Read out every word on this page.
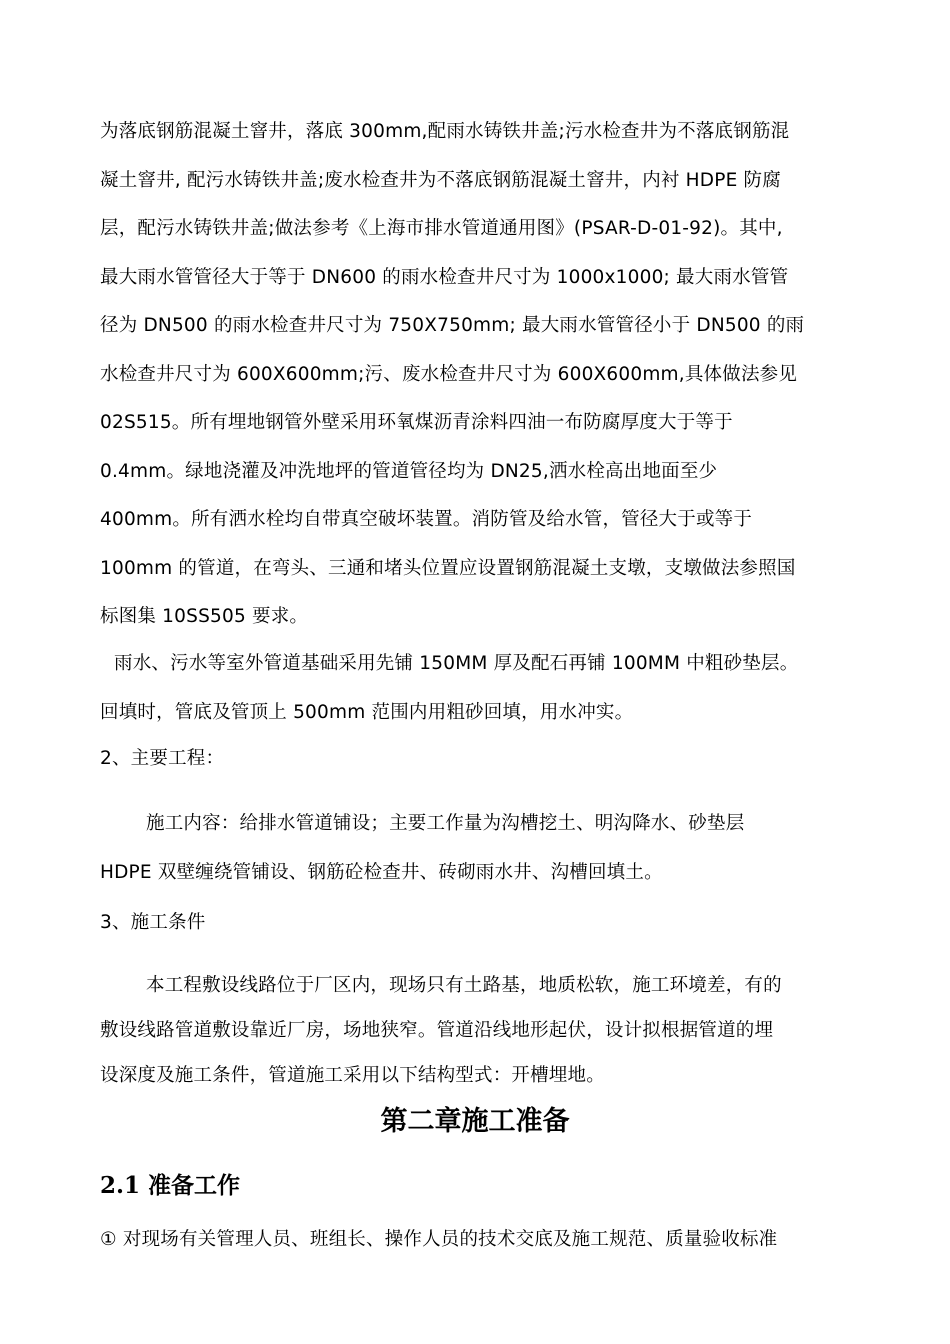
为落底钢筋混凝土窨井，落底 300mm,配雨水铸铁井盖;污水检查井为不落底钢筋混
凝土窨井, 配污水铸铁井盖;废水检查井为不落底钢筋混凝土窨井，内衬 HDPE 防腐
层，配污水铸铁井盖;做法参考《上海市排水管道通用图》(PSAR-D-01-92)。其中,
最大雨水管管径大于等于 DN600 的雨水检查井尺寸为 1000x1000; 最大雨水管管
径为 DN500 的雨水检查井尺寸为 750X750mm; 最大雨水管管径小于 DN500 的雨
水检查井尺寸为 600X600mm;污、废水检查井尺寸为 600X600mm,具体做法参见
02S515。所有埋地钢管外壁采用环氧煤沥青涂料四油一布防腐厚度大于等于
0.4mm。绿地浇灌及冲洗地坪的管道管径均为 DN25,洒水栓高出地面至少
400mm。所有洒水栓均自带真空破坏装置。消防管及给水管，管径大于或等于
100mm 的管道，在弯头、三通和堵头位置应设置钢筋混凝土支墩，支墩做法参照国
标图集 10SS505 要求。
雨水、污水等室外管道基础采用先铺 150MM 厚及配石再铺 100MM 中粗砂垫层。
回填时，管底及管顶上 500mm 范围内用粗砂回填，用水冲实。
2、主要工程：
施工内容：给排水管道铺设；主要工作量为沟槽挖土、明沟降水、砂垫层
HDPE 双壁缠绕管铺设、钢筋砼检查井、砖砌雨水井、沟槽回填土。
3、施工条件
本工程敷设线路位于厂区内，现场只有土路基，地质松软，施工环境差，有的
敷设线路管道敷设靠近厂房，场地狭窄。管道沿线地形起伏，设计拟根据管道的埋
设深度及施工条件，管道施工采用以下结构型式：开槽埋地。
第二章施工准备
2.1 准备工作
① 对现场有关管理人员、班组长、操作人员的技术交底及施工规范、质量验收标准
